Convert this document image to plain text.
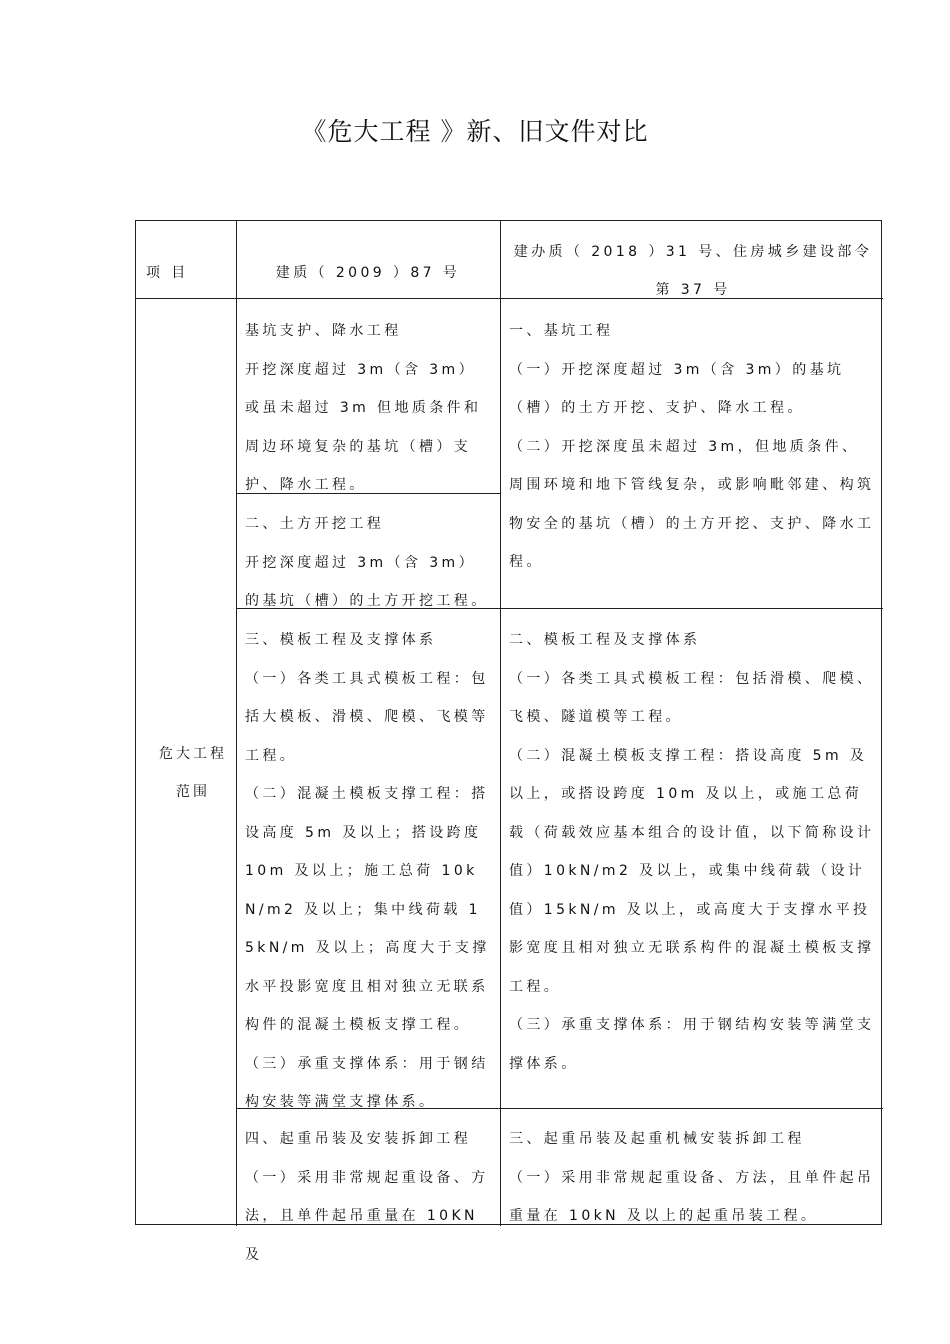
《危大工程 》新、旧文件对比
项 目	建质（ 2009 ）87 号
建办质（ 2018 ）31 号、住房城乡建设部令第 37 号
危大工程范围

基坑支护、降水工程

开挖深度超过 3m（含 3m）或虽未超过 3m 但地质条件和周边环境复杂的基坑（槽）支护、降水工程。

二、土方开挖工程

开挖深度超过 3m（含 3m）的基坑（槽）的土方开挖工程。

三、模板工程及支撑体系

（一）各类工具式模板工程：包括大模板、滑模、爬模、飞模等工程。

（二）混凝土模板支撑工程：搭设高度 5m 及以上；搭设跨度 10m 及以上；施工总荷 10kN/m2 及以上；集中线荷载 15kN/m 及以上；高度大于支撑水平投影宽度且相对独立无联系构件的混凝土模板支撑工程。

（三）承重支撑体系：用于钢结构安装等满堂支撑体系。

四、起重吊装及安装拆卸工程

（一）采用非常规起重设备、方法，且单件起吊重量在 10KN 及

一、基坑工程

（一）开挖深度超过 3m（含 3m）的基坑（槽）的土方开挖、支护、降水工程。

（二）开挖深度虽未超过 3m，但地质条件、周围环境和地下管线复杂，或影响毗邻建、构筑物安全的基坑（槽）的土方开挖、支护、降水工程。

二、模板工程及支撑体系

（一）各类工具式模板工程：包括滑模、爬模、飞模、隧道模等工程。

（二）混凝土模板支撑工程：搭设高度 5m 及以上，或搭设跨度 10m 及以上，或施工总荷载（荷载效应基本组合的设计值，以下简称设计值）10kN/m2 及以上，或集中线荷载（设计值）15kN/m 及以上，或高度大于支撑水平投影宽度且相对独立无联系构件的混凝土模板支撑工程。

（三）承重支撑体系：用于钢结构安装等满堂支撑体系。

三、起重吊装及起重机械安装拆卸工程

（一）采用非常规起重设备、方法，且单件起吊重量在 10kN 及以上的起重吊装工程。
